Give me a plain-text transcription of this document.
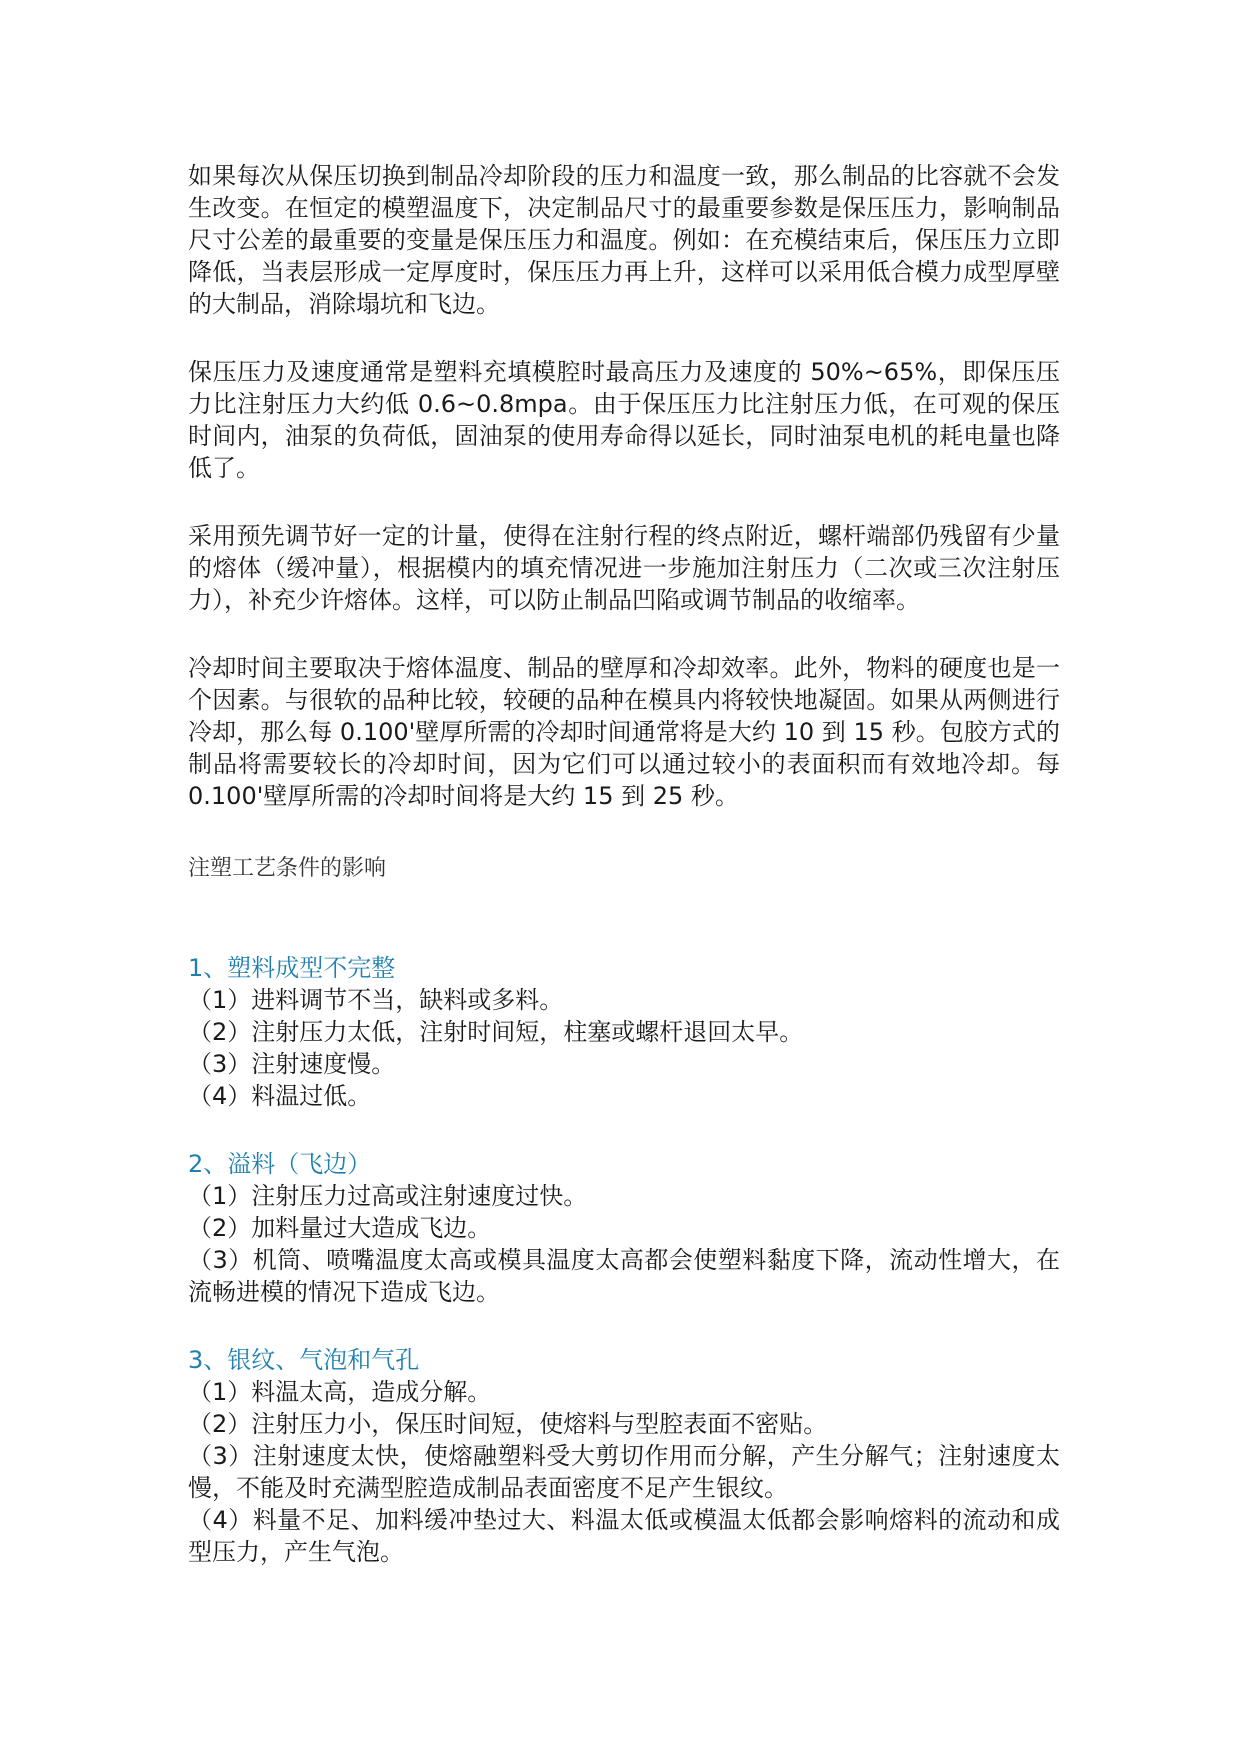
如果每次从保压切换到制品冷却阶段的压力和温度一致，那么制品的比容就不会发生改变。在恒定的模塑温度下，决定制品尺寸的最重要参数是保压压力，影响制品尺寸公差的最重要的变量是保压压力和温度。例如：在充模结束后，保压压力立即降低，当表层形成一定厚度时，保压压力再上升，这样可以采用低合模力成型厚壁的大制品，消除塌坑和飞边。

保压压力及速度通常是塑料充填模腔时最高压力及速度的 50%~65%，即保压压力比注射压力大约低 0.6~0.8mpa。由于保压压力比注射压力低，在可观的保压时间内，油泵的负荷低，固油泵的使用寿命得以延长，同时油泵电机的耗电量也降低了。

采用预先调节好一定的计量，使得在注射行程的终点附近，螺杆端部仍残留有少量的熔体（缓冲量），根据模内的填充情况进一步施加注射压力（二次或三次注射压力），补充少许熔体。这样，可以防止制品凹陷或调节制品的收缩率。

冷却时间主要取决于熔体温度、制品的壁厚和冷却效率。此外，物料的硬度也是一个因素。与很软的品种比较，较硬的品种在模具内将较快地凝固。如果从两侧进行冷却，那么每 0.100'壁厚所需的冷却时间通常将是大约 10 到 15 秒。包胶方式的制品将需要较长的冷却时间，因为它们可以通过较小的表面积而有效地冷却。每 0.100'壁厚所需的冷却时间将是大约 15 到 25 秒。

注塑工艺条件的影响
1、塑料成型不完整
（1）进料调节不当，缺料或多料。
（2）注射压力太低，注射时间短，柱塞或螺杆退回太早。
（3）注射速度慢。
（4）料温过低。
2、溢料（飞边）
（1）注射压力过高或注射速度过快。
（2）加料量过大造成飞边。
（3）机筒、喷嘴温度太高或模具温度太高都会使塑料黏度下降，流动性增大，在流畅进模的情况下造成飞边。
3、银纹、气泡和气孔
（1）料温太高，造成分解。
（2）注射压力小，保压时间短，使熔料与型腔表面不密贴。
（3）注射速度太快，使熔融塑料受大剪切作用而分解，产生分解气；注射速度太慢，不能及时充满型腔造成制品表面密度不足产生银纹。
（4）料量不足、加料缓冲垫过大、料温太低或模温太低都会影响熔料的流动和成型压力，产生气泡。
